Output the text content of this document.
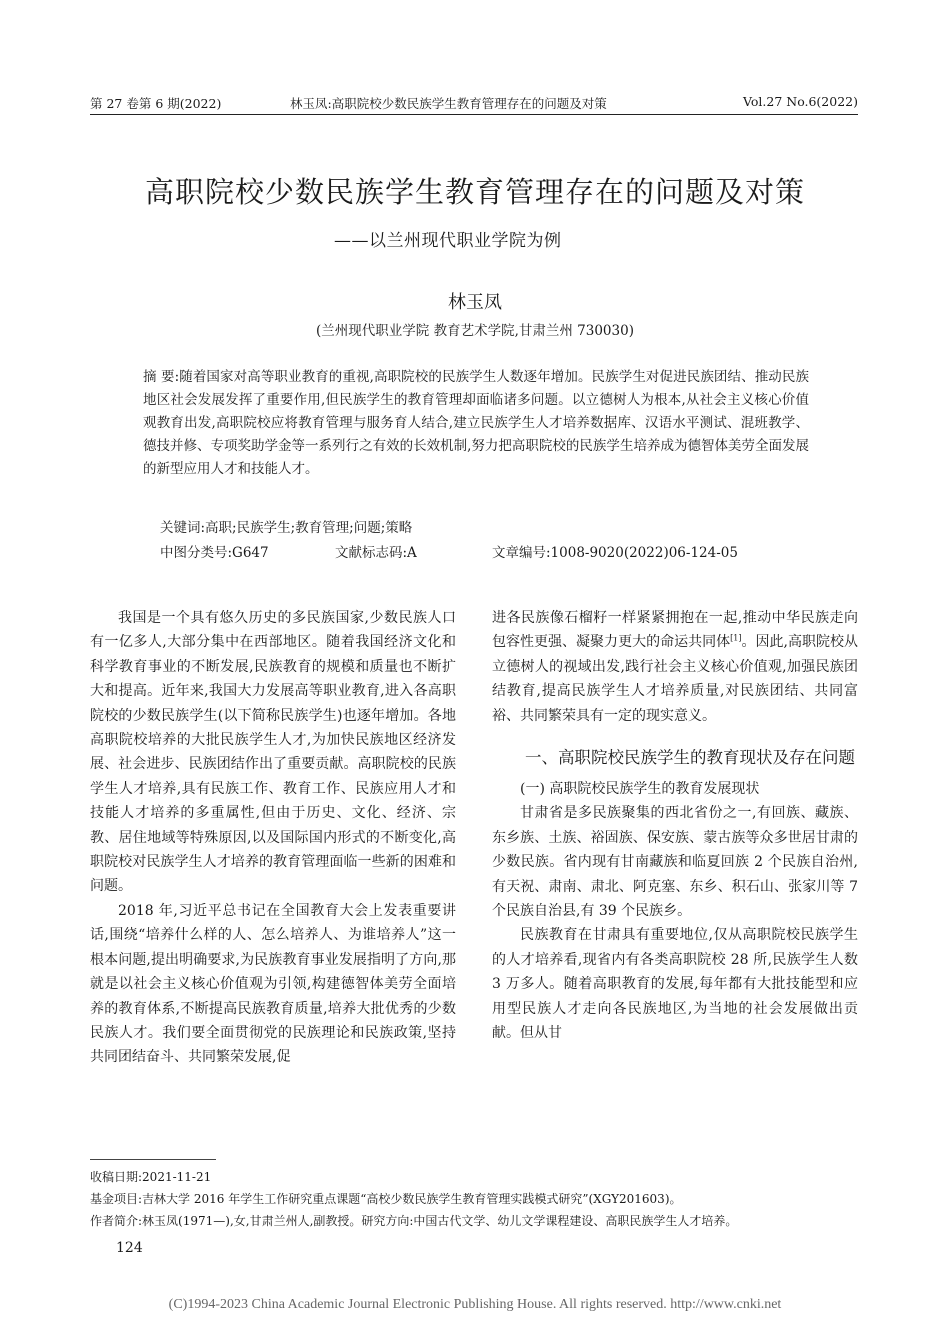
第 27 卷第 6 期(2022)	林玉凤:高职院校少数民族学生教育管理存在的问题及对策	Vol.27 No.6(2022)
高职院校少数民族学生教育管理存在的问题及对策
——以兰州现代职业学院为例
林玉凤
(兰州现代职业学院 教育艺术学院,甘肃兰州 730030)
摘 要:随着国家对高等职业教育的重视,高职院校的民族学生人数逐年增加。民族学生对促进民族团结、推动民族地区社会发展发挥了重要作用,但民族学生的教育管理却面临诸多问题。以立德树人为根本,从社会主义核心价值观教育出发,高职院校应将教育管理与服务育人结合,建立民族学生人才培养数据库、汉语水平测试、混班教学、德技并修、专项奖助学金等一系列行之有效的长效机制,努力把高职院校的民族学生培养成为德智体美劳全面发展的新型应用人才和技能人才。
关键词:高职;民族学生;教育管理;问题;策略
中图分类号:G647	文献标志码:A	文章编号:1008-9020(2022)06-124-05

我国是一个具有悠久历史的多民族国家,少数民族人口有一亿多人,大部分集中在西部地区。随着我国经济文化和科学教育事业的不断发展,民族教育的规模和质量也不断扩大和提高。近年来,我国大力发展高等职业教育,进入各高职院校的少数民族学生(以下简称民族学生)也逐年增加。各地高职院校培养的大批民族学生人才,为加快民族地区经济发展、社会进步、民族团结作出了重要贡献。高职院校的民族学生人才培养,具有民族工作、教育工作、民族应用人才和技能人才培养的多重属性,但由于历史、文化、经济、宗教、居住地域等特殊原因,以及国际国内形式的不断变化,高职院校对民族学生人才培养的教育管理面临一些新的困难和问题。

2018 年,习近平总书记在全国教育大会上发表重要讲话,围绕“培养什么样的人、怎么培养人、为谁培养人”这一根本问题,提出明确要求,为民族教育事业发展指明了方向,那就是以社会主义核心价值观为引领,构建德智体美劳全面培养的教育体系,不断提高民族教育质量,培养大批优秀的少数民族人才。我们要全面贯彻党的民族理论和民族政策,坚持共同团结奋斗、共同繁荣发展,促

进各民族像石榴籽一样紧紧拥抱在一起,推动中华民族走向包容性更强、凝聚力更大的命运共同体[1]。因此,高职院校从立德树人的视域出发,践行社会主义核心价值观,加强民族团结教育,提高民族学生人才培养质量,对民族团结、共同富裕、共同繁荣具有一定的现实意义。

一、高职院校民族学生的教育现状及存在问题
(一) 高职院校民族学生的教育发展现状

甘肃省是多民族聚集的西北省份之一,有回族、藏族、东乡族、土族、裕固族、保安族、蒙古族等众多世居甘肃的少数民族。省内现有甘南藏族和临夏回族 2 个民族自治州,有天祝、肃南、肃北、阿克塞、东乡、积石山、张家川等 7 个民族自治县,有 39 个民族乡。

民族教育在甘肃具有重要地位,仅从高职院校民族学生的人才培养看,现省内有各类高职院校 28 所,民族学生人数 3 万多人。随着高职教育的发展,每年都有大批技能型和应用型民族人才走向各民族地区,为当地的社会发展做出贡献。但从甘

收稿日期:2021-11-21
基金项目:吉林大学 2016 年学生工作研究重点课题“高校少数民族学生教育管理实践模式研究”(XGY201603)。
作者简介:林玉凤(1971—),女,甘肃兰州人,副教授。研究方向:中国古代文学、幼儿文学课程建设、高职民族学生人才培养。
124
(C)1994-2023 China Academic Journal Electronic Publishing House. All rights reserved. http://www.cnki.net
